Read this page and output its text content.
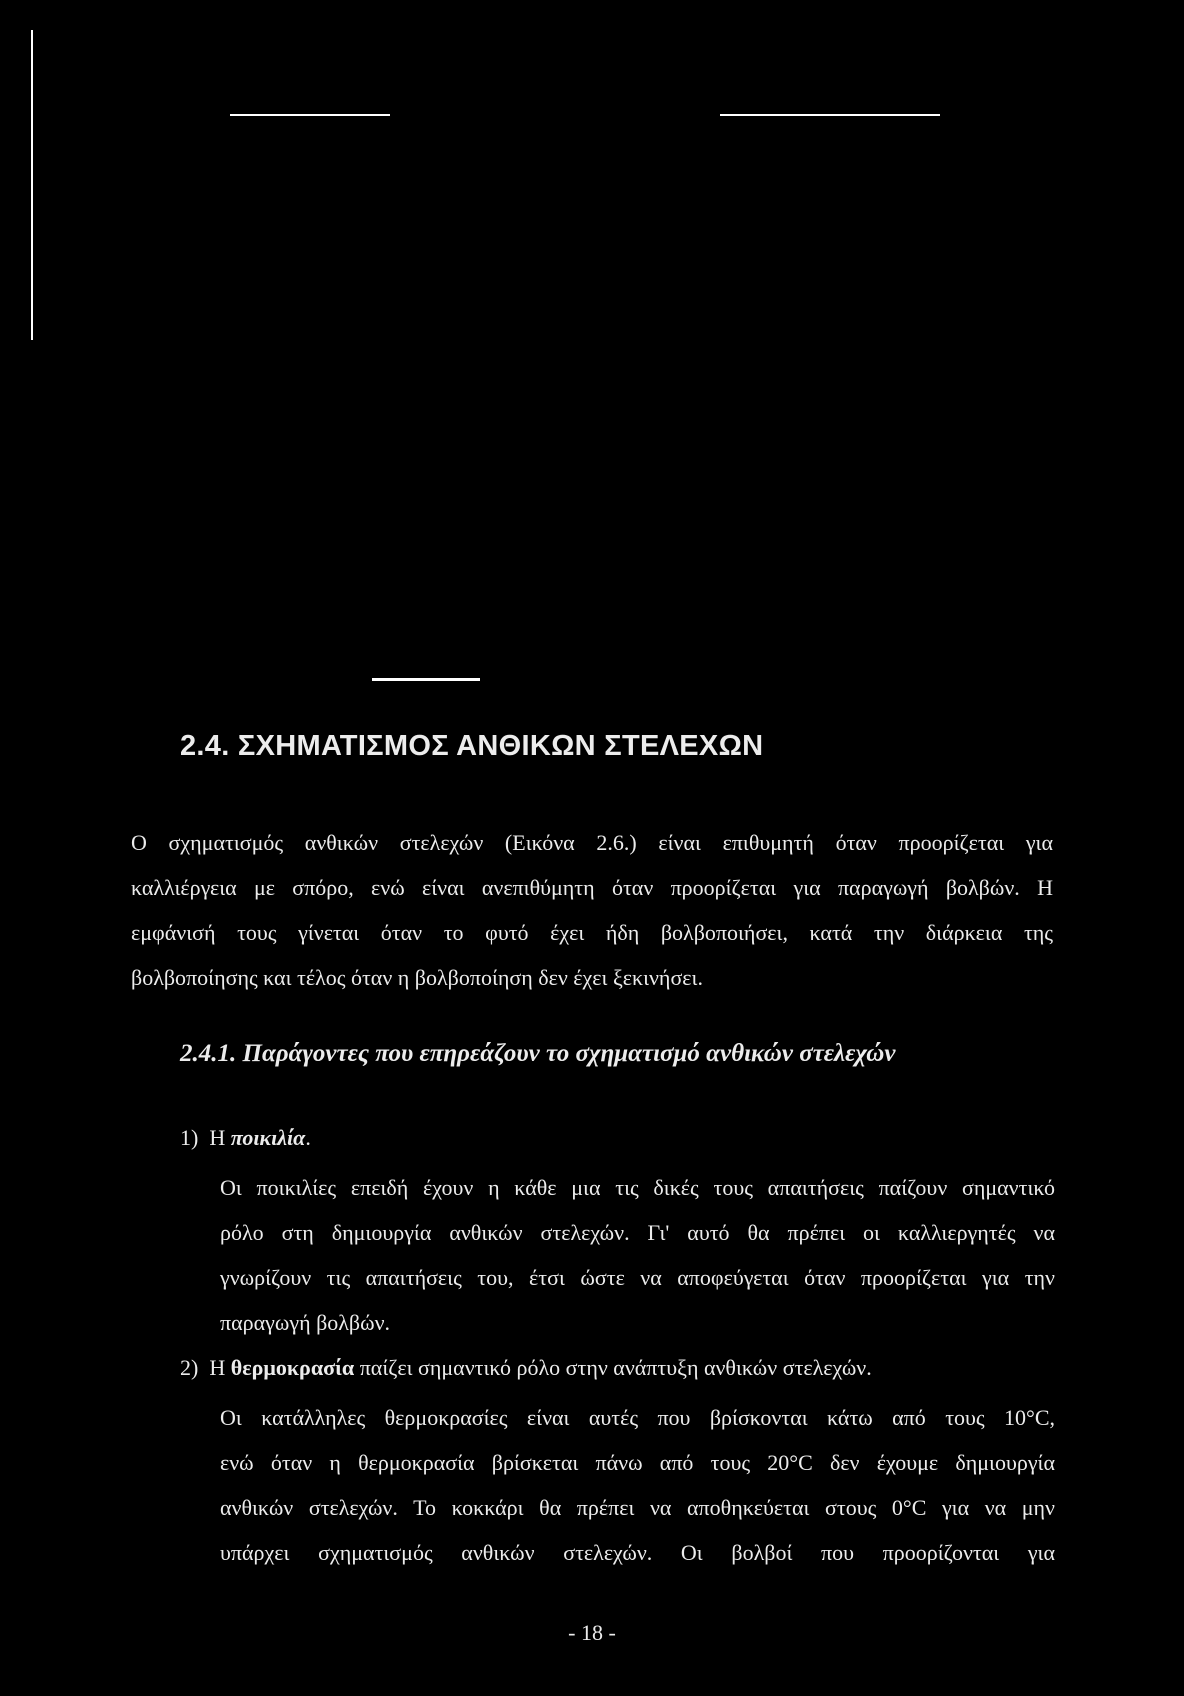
2.4. ΣΧΗΜΑΤΙΣΜΟΣ ΑΝΘΙΚΩΝ ΣΤΕΛΕΧΩΝ
Ο σχηματισμός ανθικών στελεχών (Εικόνα 2.6.) είναι επιθυμητή όταν προορίζεται για
καλλιέργεια με σπόρο, ενώ είναι ανεπιθύμητη όταν προορίζεται για παραγωγή βολβών. Η
εμφάνισή τους γίνεται όταν το φυτό έχει ήδη βολβοποιήσει, κατά την διάρκεια της
βολβοποίησης και τέλος όταν η βολβοποίηση δεν έχει ξεκινήσει.
2.4.1. Παράγοντες που επηρεάζουν το σχηματισμό ανθικών στελεχών
1) Η ποικιλία.
Οι ποικιλίες επειδή έχουν η κάθε μια τις δικές τους απαιτήσεις παίζουν σημαντικό
ρόλο στη δημιουργία ανθικών στελεχών. Γι' αυτό θα πρέπει οι καλλιεργητές να
γνωρίζουν τις απαιτήσεις του, έτσι ώστε να αποφεύγεται όταν προορίζεται για την
παραγωγή βολβών.
2) Η θερμοκρασία παίζει σημαντικό ρόλο στην ανάπτυξη ανθικών στελεχών.
Οι κατάλληλες θερμοκρασίες είναι αυτές που βρίσκονται κάτω από τους 10°C,
ενώ όταν η θερμοκρασία βρίσκεται πάνω από τους 20°C δεν έχουμε δημιουργία
ανθικών στελεχών. Το κοκκάρι θα πρέπει να αποθηκεύεται στους 0°C για να μην
υπάρχει σχηματισμός ανθικών στελεχών. Οι βολβοί που προορίζονται για
- 18 -
